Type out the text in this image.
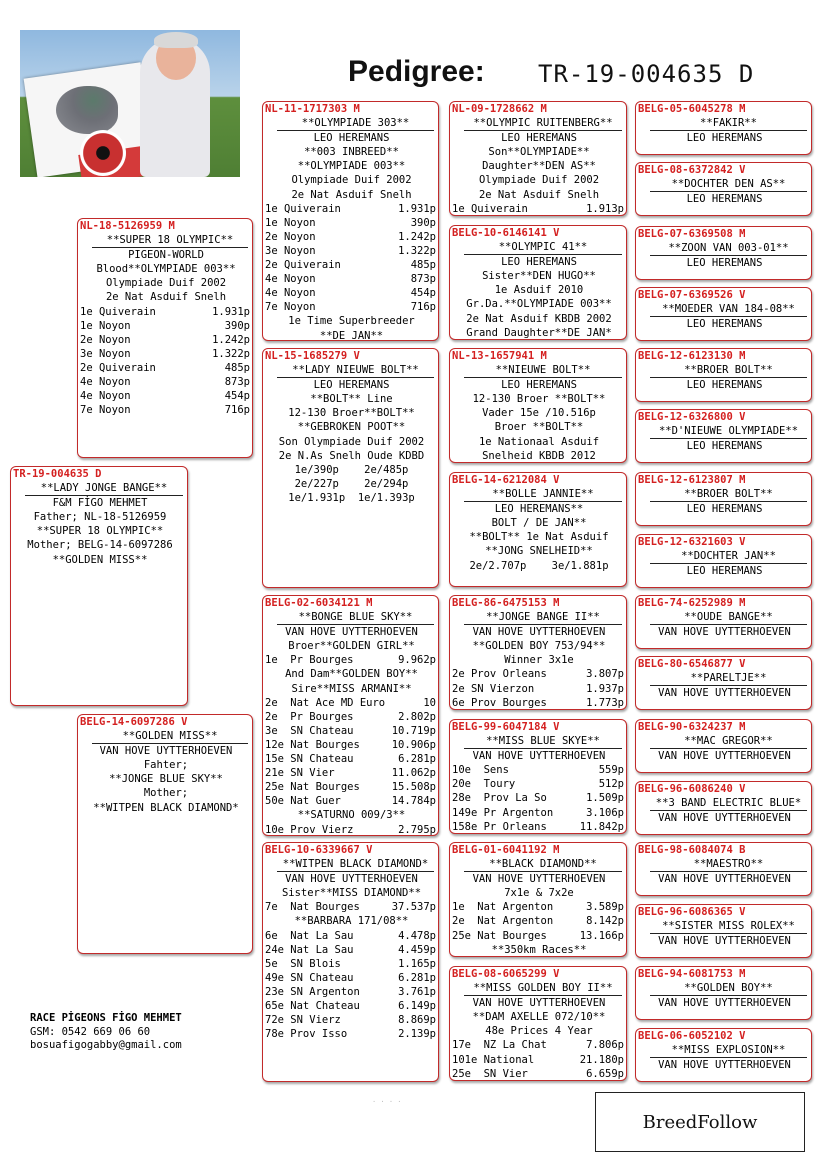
Pedigree: TR-19-004635 D
TR-19-004635 D
**LADY JONGE BANGE**
F&M FİGO MEHMET
Father; NL-18-5126959
**SUPER 18 OLYMPIC**
Mother; BELG-14-6097286
**GOLDEN MISS**
NL-18-5126959 M
**SUPER 18 OLYMPIC**
PIGEON-WORLD
Blood**OLYMPIADE 003**
Olympiade Duif 2002
2e Nat Asduif Snelh
1e Quiverain	1.931p
1e Noyon	390p
2e Noyon	1.242p
3e Noyon	1.322p
2e Quiverain	485p
4e Noyon	873p
4e Noyon	454p
7e Noyon	716p
BELG-14-6097286 V
**GOLDEN MISS**
VAN HOVE UYTTERHOEVEN
Fahter;
**JONGE BLUE SKY**
Mother;
**WITPEN BLACK DIAMOND*
NL-11-1717303 M
**OLYMPIADE 303**
LEO HEREMANS
**003 INBREED**
**OLYMPIADE 003**
Olympiade Duif 2002
2e Nat Asduif Snelh
1e Quiverain	1.931p
1e Noyon	390p
2e Noyon	1.242p
3e Noyon	1.322p
2e Quiverain	485p
4e Noyon	873p
4e Noyon	454p
7e Noyon	716p
1e Time Superbreeder
**DE JAN**
NL-15-1685279 V
**LADY NIEUWE BOLT**
LEO HEREMANS
**BOLT** Line
12-130 Broer**BOLT**
**GEBROKEN POOT**
Son Olympiade Duif 2002
2e N.As Snelh Oude KDBD
1e/390p    2e/485p
2e/227p    2e/294p
1e/1.931p  1e/1.393p
BELG-02-6034121 M
**BONGE BLUE SKY**
VAN HOVE UYTTERHOEVEN
Broer**GOLDEN GIRL**
1e  Pr Bourges	9.962p
And Dam**GOLDEN BOY**
Sire**MISS ARMANI**
2e  Nat Ace MD Euro	10
2e  Pr Bourges	2.802p
3e  SN Chateau	10.719p
12e Nat Bourges	10.906p
15e SN Chateau	6.281p
21e SN Vier	11.062p
25e Nat Bourges	15.508p
50e Nat Guer	14.784p
**SATURNO 009/3**
10e Prov Vierz	2.795p
BELG-10-6339667 V
**WITPEN BLACK DIAMOND*
VAN HOVE UYTTERHOEVEN
Sister**MISS DIAMOND**
7e  Nat Bourges	37.537p
**BARBARA 171/08**
6e  Nat La Sau	4.478p
24e Nat La Sau	4.459p
5e  SN Blois	1.165p
49e SN Chateau	6.281p
23e SN Argenton	3.761p
65e Nat Chateau	6.149p
72e SN Vierz	8.869p
78e Prov Isso	2.139p
NL-09-1728662 M
**OLYMPIC RUITENBERG**
LEO HEREMANS
Son**OLYMPIADE**
Daughter**DEN AS**
Olympiade Duif 2002
2e Nat Asduif Snelh
1e Quiverain	1.913p
BELG-10-6146141 V
**OLYMPIC 41**
LEO HEREMANS
Sister**DEN HUGO**
1e Asduif 2010
Gr.Da.**OLYMPIADE 003**
2e Nat Asduif KBDB 2002
Grand Daughter**DE JAN*
NL-13-1657941 M
**NIEUWE BOLT**
LEO HEREMANS
12-130 Broer **BOLT**
Vader 15e /10.516p
Broer **BOLT**
1e Nationaal Asduif
Snelheid KBDB 2012
BELG-14-6212084 V
**BOLLE JANNIE**
LEO HEREMANS**
BOLT / DE JAN**
**BOLT** 1e Nat Asduif
**JONG SNELHEID**
2e/2.707p    3e/1.881p
BELG-86-6475153 M
**JONGE BANGE II**
VAN HOVE UYTTERHOEVEN
**GOLDEN BOY 753/94**
Winner 3x1e
2e Prov Orleans	3.807p
2e SN Vierzon	1.937p
6e Prov Bourges	1.773p
BELG-99-6047184 V
**MISS BLUE SKYE**
VAN HOVE UYTTERHOEVEN
10e  Sens	559p
20e  Toury	512p
28e  Prov La So	1.509p
149e Pr Argenton	3.106p
158e Pr Orleans	11.842p
BELG-01-6041192 M
**BLACK DIAMOND**
VAN HOVE UYTTERHOEVEN
7x1e & 7x2e
1e  Nat Argenton	3.589p
2e  Nat Argenton	8.142p
25e Nat Bourges	13.166p
**350km Races**
BELG-08-6065299 V
**MISS GOLDEN BOY II**
VAN HOVE UYTTERHOEVEN
**DAM AXELLE 072/10**
48e Prices 4 Year
17e  NZ La Chat	7.806p
101e National	21.180p
25e  SN Vier	6.659p
BELG-05-6045278 M
**FAKIR**
LEO HEREMANS
BELG-08-6372842 V
**DOCHTER DEN AS**
LEO HEREMANS
BELG-07-6369508 M
**ZOON VAN 003-01**
LEO HEREMANS
BELG-07-6369526 V
**MOEDER VAN 184-08**
LEO HEREMANS
BELG-12-6123130 M
**BROER BOLT**
LEO HEREMANS
BELG-12-6326800 V
**D'NIEUWE OLYMPIADE**
LEO HEREMANS
BELG-12-6123807 M
**BROER BOLT**
LEO HEREMANS
BELG-12-6321603 V
**DOCHTER JAN**
LEO HEREMANS
BELG-74-6252989 M
**OUDE BANGE**
VAN HOVE UYTTERHOEVEN
BELG-80-6546877 V
**PARELTJE**
VAN HOVE UYTTERHOEVEN
BELG-90-6324237 M
**MAC GREGOR**
VAN HOVE UYTTERHOEVEN
BELG-96-6086240 V
**3 BAND ELECTRIC BLUE*
VAN HOVE UYTTERHOEVEN
BELG-98-6084074 B
**MAESTRO**
VAN HOVE UYTTERHOEVEN
BELG-96-6086365 V
**SISTER MISS ROLEX**
VAN HOVE UYTTERHOEVEN
BELG-94-6081753 M
**GOLDEN BOY**
VAN HOVE UYTTERHOEVEN
BELG-06-6052102 V
**MISS EXPLOSION**
VAN HOVE UYTTERHOEVEN
RACE PİGEONS FİGO MEHMET
GSM: 0542 669 06 60
bosuafigogabby@gmail.com
· · · ·
BreedFollow
